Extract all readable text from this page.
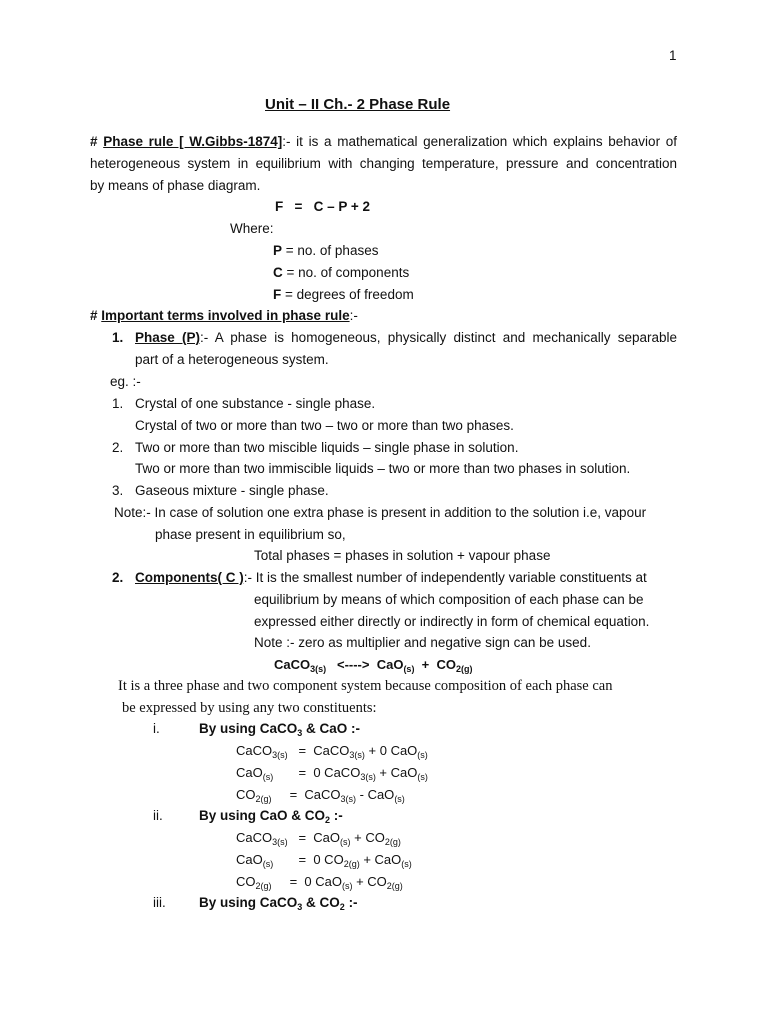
1
Unit – II Ch.- 2 Phase Rule
# Phase rule [ W.Gibbs-1874]:- it is a mathematical generalization which explains behavior of
heterogeneous system in equilibrium with changing temperature, pressure and concentration
by means of phase diagram.
F   =   C – P + 2
Where:
P = no. of phases
C = no. of components
F = degrees of freedom
# Important terms involved in phase rule:-
1. Phase (P):- A phase is homogeneous, physically distinct and mechanically separable
part of a heterogeneous system.
eg. :-
1. Crystal of one substance - single phase.
Crystal of two or more than two – two or more than two phases.
2. Two or more than two miscible liquids – single phase in solution.
Two or more than two immiscible liquids – two or more than two phases in solution.
3. Gaseous mixture - single phase.
Note:- In case of solution one extra phase is present in addition to the solution i.e, vapour
phase present in equilibrium so,
Total phases = phases in solution + vapour phase
2. Components( C ):- It is the smallest number of independently variable constituents at
equilibrium by means of which composition of each phase can be
expressed either directly or indirectly in form of chemical equation.
Note :- zero as multiplier and negative sign can be used.
CaCO$_{3(s)}$   <---->  $CaO_{(s)} + CO_{2(g)}$
It is a three phase and two component system because composition of each phase can
be expressed by using any two constituents:
i.	By using CaCO$_3$ & CaO :-
CaCO$_{3(s)}$   =  CaCO$_{3(s)}$ + 0 CaO$_{(s)}$
CaO$_{(s)}$       =  0 CaCO$_{3(s)}$ + CaO$_{(s)}$
$CO_{2(g)}$     =  CaCO$_{3(s)}$ - CaO$_{(s)}$
ii.	By using CaO & $CO_2$ :-
CaCO$_{3(s)}$   =  $CaO_{(s)} + CO_{2(g)}$
CaO$_{(s)}$       =  0 $CO_{2(g)} + CaO_{(s)}$
$CO_{2(g)}$     =  0 $CaO_{(s)} + CO_{2(g)}$
iii. By using CaCO$_3$ & $CO_2$ :-
